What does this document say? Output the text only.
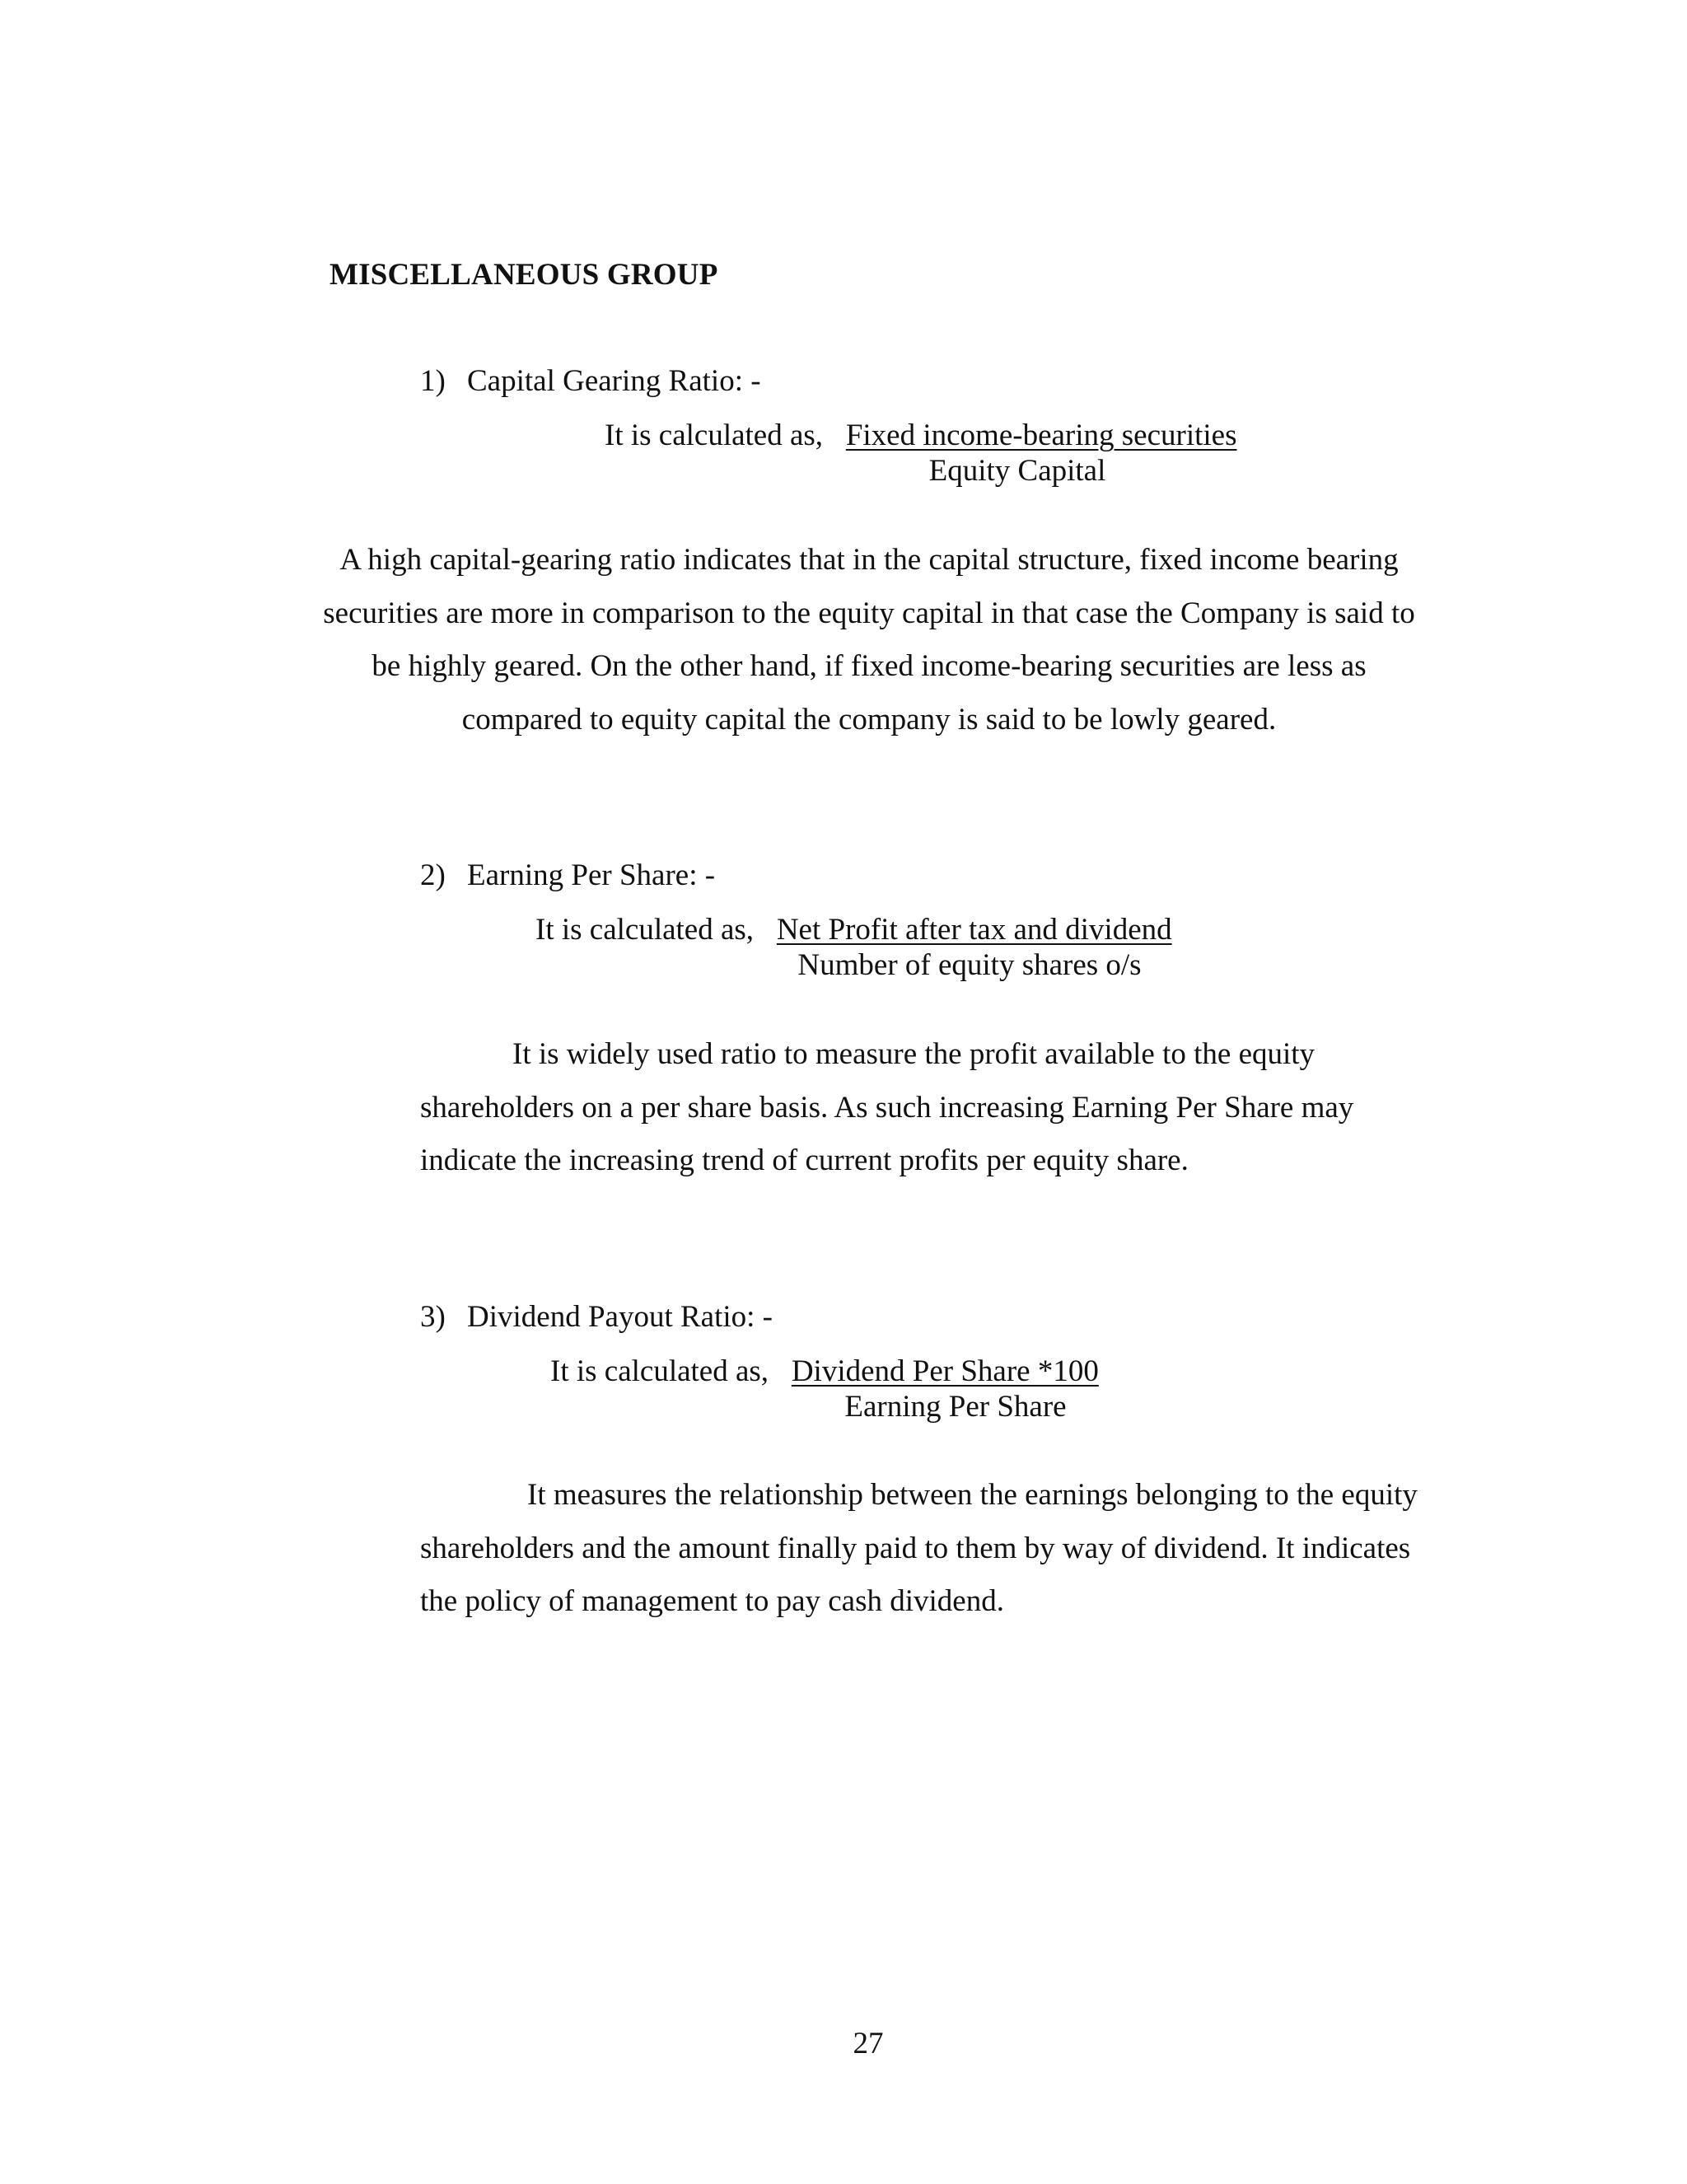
MISCELLANEOUS GROUP
1) Capital Gearing Ratio: -
It is calculated as, Fixed income-bearing securities
Equity Capital
A high capital-gearing ratio indicates that in the capital structure, fixed income bearing securities are more in comparison to the equity capital in that case the Company is said to be highly geared. On the other hand, if fixed income-bearing securities are less as compared to equity capital the company is said to be lowly geared.
2) Earning Per Share: -
It is calculated as, Net Profit after tax and dividend
Number of equity shares o/s
It is widely used ratio to measure the profit available to the equity shareholders on a per share basis. As such increasing Earning Per Share may indicate the increasing trend of current profits per equity share.
3) Dividend Payout Ratio: -
It is calculated as, Dividend Per Share *100
Earning Per Share
It measures the relationship between the earnings belonging to the equity shareholders and the amount finally paid to them by way of dividend. It indicates the policy of management to pay cash dividend.
27
